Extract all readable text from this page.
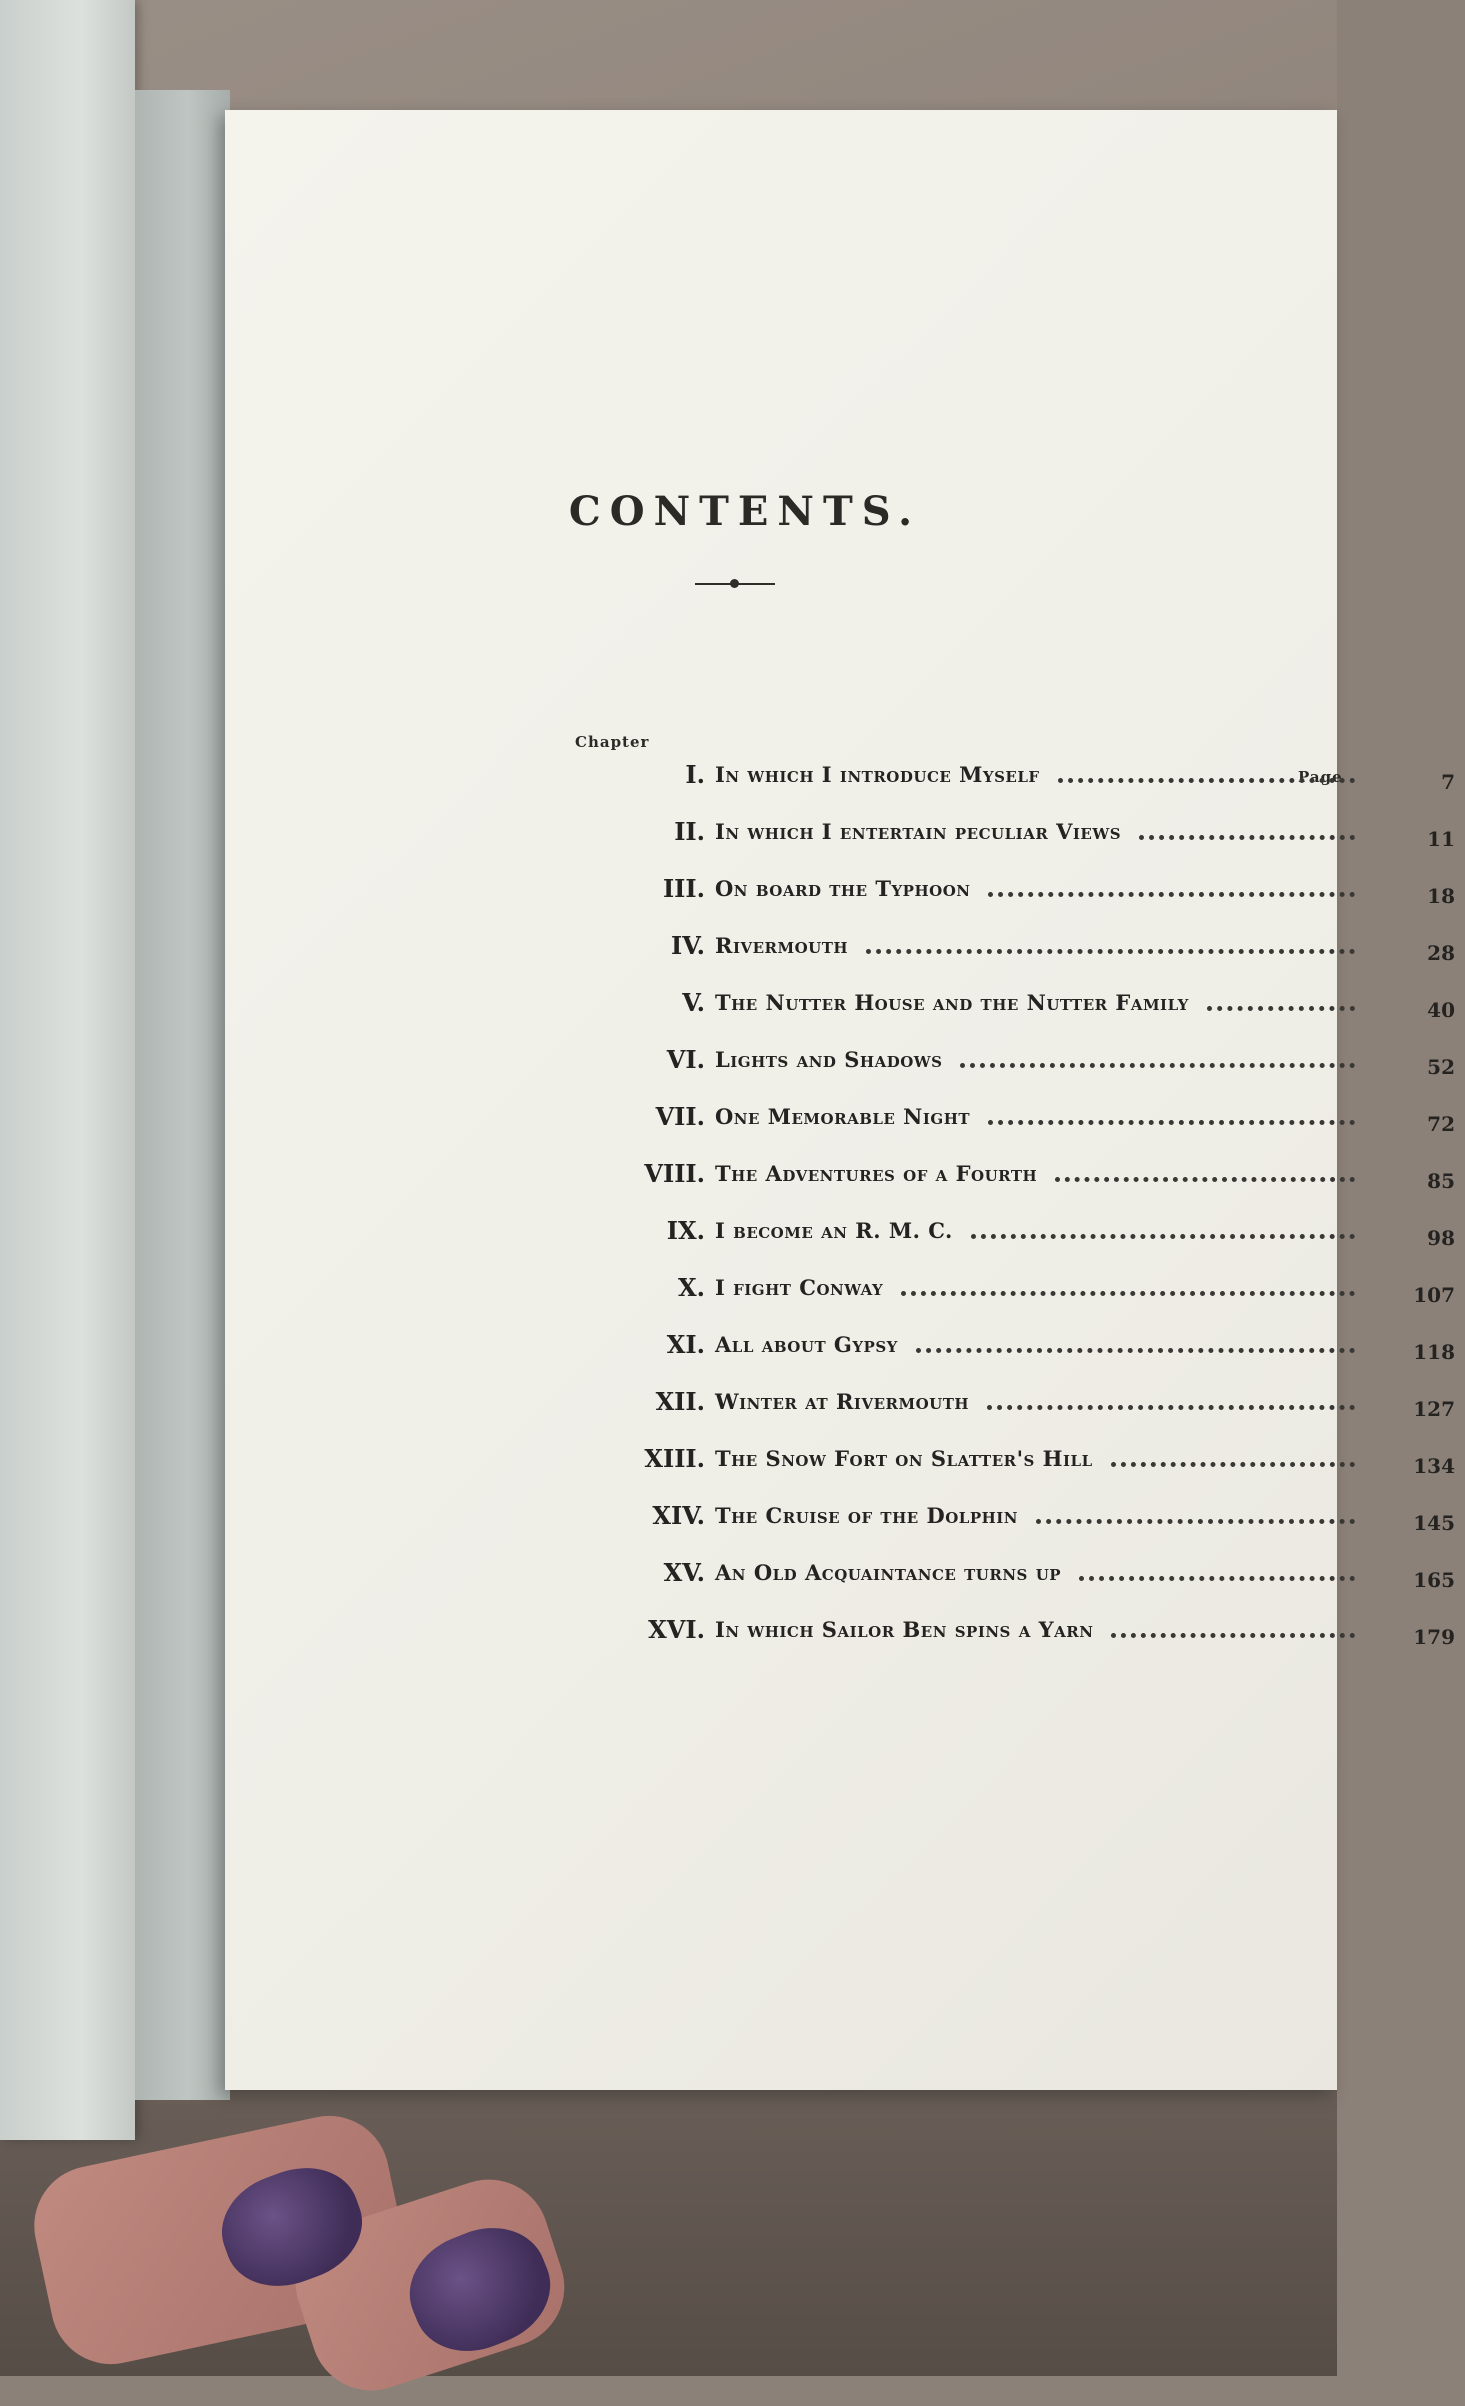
CONTENTS.
Chapter
Page
I. In which I introduce Myself	7
II. In which I entertain peculiar Views	11
III. On board the Typhoon	18
IV. Rivermouth	28
V. The Nutter House and the Nutter Family	40
VI. Lights and Shadows	52
VII. One Memorable Night	72
VIII. The Adventures of a Fourth	85
IX. I become an R. M. C.	98
X. I fight Conway	107
XI. All about Gypsy	118
XII. Winter at Rivermouth	127
XIII. The Snow Fort on Slatter's Hill	134
XIV. The Cruise of the Dolphin	145
XV. An Old Acquaintance turns up	165
XVI. In which Sailor Ben spins a Yarn	179
